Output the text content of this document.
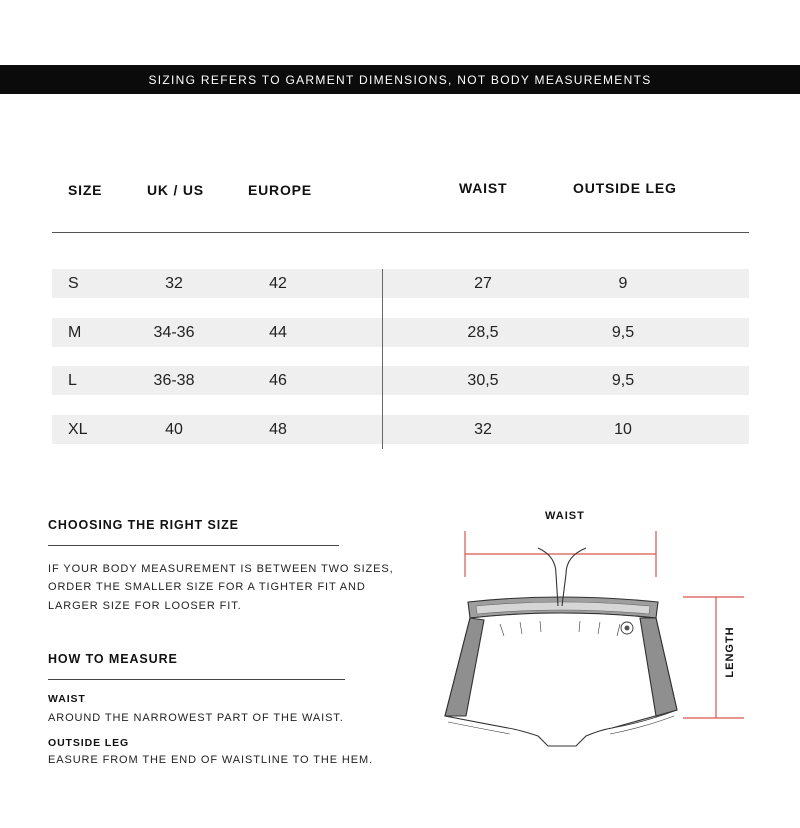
SIZING REFERS TO GARMENT DIMENSIONS, NOT BODY MEASUREMENTS
SIZE	UK / US	EUROPE	WAIST	OUTSIDE LEG
S	32	42	27	9
M	34-36	44	28,5	9,5
L	36-38	46	30,5	9,5
XL	40	48	32	10
CHOOSING THE RIGHT SIZE
IF YOUR BODY MEASUREMENT IS BETWEEN TWO SIZES,
ORDER THE SMALLER SIZE FOR A TIGHTER FIT AND
LARGER SIZE FOR LOOSER FIT.
HOW TO MEASURE
WAIST
AROUND THE NARROWEST PART OF THE WAIST.
OUTSIDE LEG
EASURE FROM THE END OF WAISTLINE TO THE HEM.
WAIST
LENGTH
